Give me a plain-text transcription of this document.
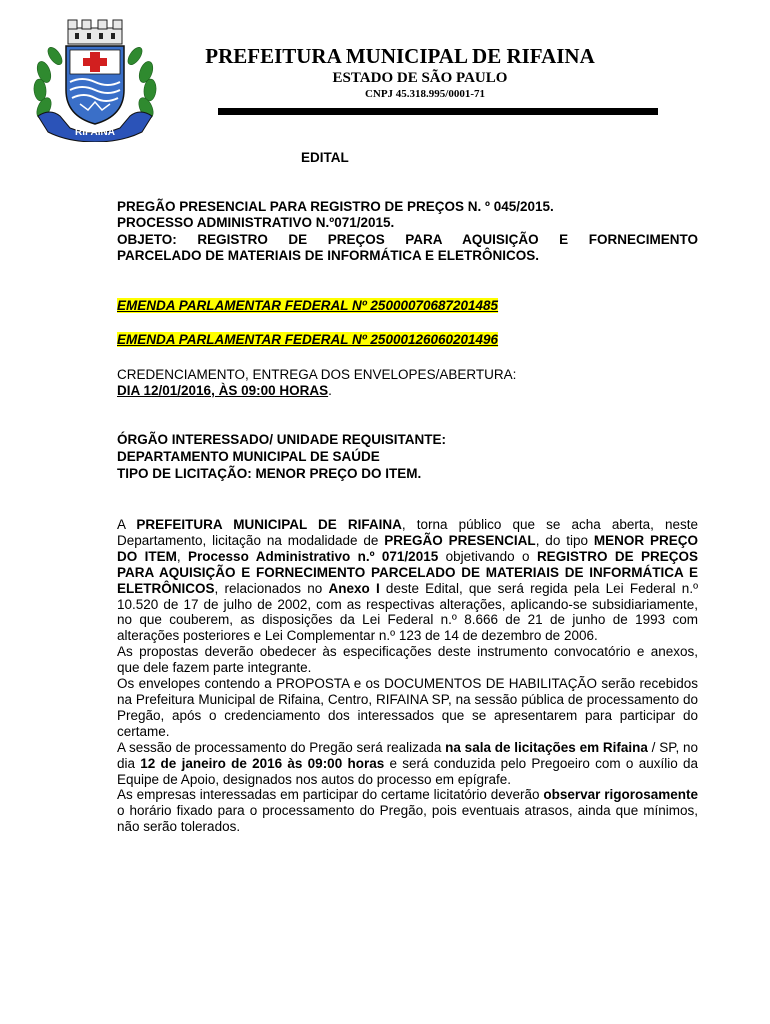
RIFAINA
PREFEITURA MUNICIPAL DE RIFAINA
ESTADO DE SÃO PAULO
CNPJ 45.318.995/0001-71
EDITAL
PREGÃO PRESENCIAL PARA REGISTRO DE PREÇOS N. º 045/2015.
PROCESSO ADMINISTRATIVO N.º071/2015.
OBJETO: REGISTRO DE PREÇOS PARA AQUISIÇÃO E FORNECIMENTO
PARCELADO DE MATERIAIS DE INFORMÁTICA E ELETRÔNICOS.
EMENDA PARLAMENTAR FEDERAL Nº 25000070687201485
EMENDA PARLAMENTAR FEDERAL Nº 25000126060201496
CREDENCIAMENTO, ENTREGA DOS ENVELOPES/ABERTURA:
DIA 12/01/2016, ÀS 09:00 HORAS.
ÓRGÃO INTERESSADO/ UNIDADE REQUISITANTE:
DEPARTAMENTO MUNICIPAL DE SAÚDE
TIPO DE LICITAÇÃO: MENOR PREÇO DO ITEM.

A PREFEITURA MUNICIPAL DE RIFAINA, torna público que se acha aberta, neste Departamento, licitação na modalidade de PREGÃO PRESENCIAL, do tipo MENOR PREÇO DO ITEM, Processo Administrativo n.º 071/2015 objetivando o REGISTRO DE PREÇOS PARA AQUISIÇÃO E FORNECIMENTO PARCELADO DE MATERIAIS DE INFORMÁTICA E ELETRÔNICOS, relacionados no Anexo I deste Edital, que será regida pela Lei Federal n.º 10.520 de 17 de julho de 2002, com as respectivas alterações, aplicando-se subsidiariamente, no que couberem, as disposições da Lei Federal n.º 8.666 de 21 de junho de 1993 com alterações posteriores e Lei Complementar n.º 123 de 14 de dezembro de 2006.

As propostas deverão obedecer às especificações deste instrumento convocatório e anexos, que dele fazem parte integrante.

Os envelopes contendo a PROPOSTA e os DOCUMENTOS DE HABILITAÇÃO serão recebidos na Prefeitura Municipal de Rifaina, Centro, RIFAINA SP, na sessão pública de processamento do Pregão, após o credenciamento dos interessados que se apresentarem para participar do certame.

A sessão de processamento do Pregão será realizada na sala de licitações em Rifaina / SP, no dia 12 de janeiro de 2016 às 09:00 horas e será conduzida pelo Pregoeiro com o auxílio da Equipe de Apoio, designados nos autos do processo em epígrafe.

As empresas interessadas em participar do certame licitatório deverão observar rigorosamente o horário fixado para o processamento do Pregão, pois eventuais atrasos, ainda que mínimos, não serão tolerados.
